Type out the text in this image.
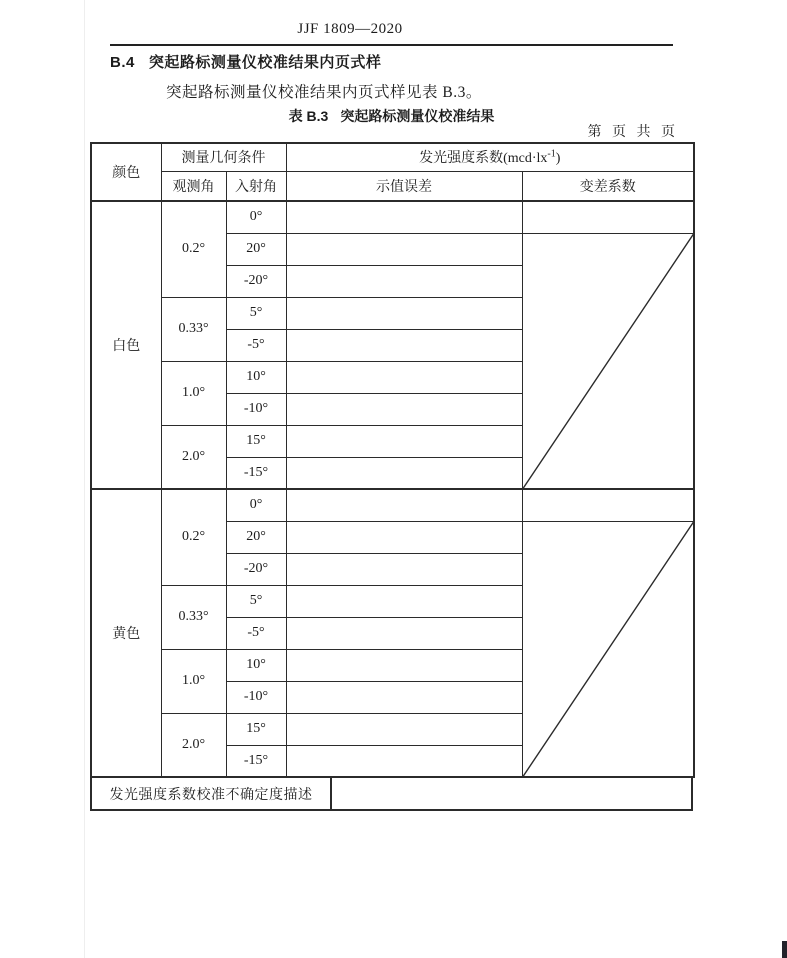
JJF 1809—2020
B.4 突起路标测量仪校准结果内页式样
突起路标测量仪校准结果内页式样见表 B.3。
表 B.3 突起路标测量仪校准结果
第 页 共 页
颜色	测量几何条件		发光强度系数$(mcd\cdot lx^{-1})$	
	观测角	入射角	示值误差	变差系数
白色	0.2°	0°		
		20°		

		-20°		
	0.33°	5°		
		-5°		
	1.0°	10°		
		-10°		
	2.0°	15°		
		-15°		
黄色	0.2°	0°		
		20°		

		-20°		
	0.33°	5°		
		-5°		
	1.0°	10°		
		-10°		
	2.0°	15°		
		-15°		
发光强度系数校准不确定度描述
